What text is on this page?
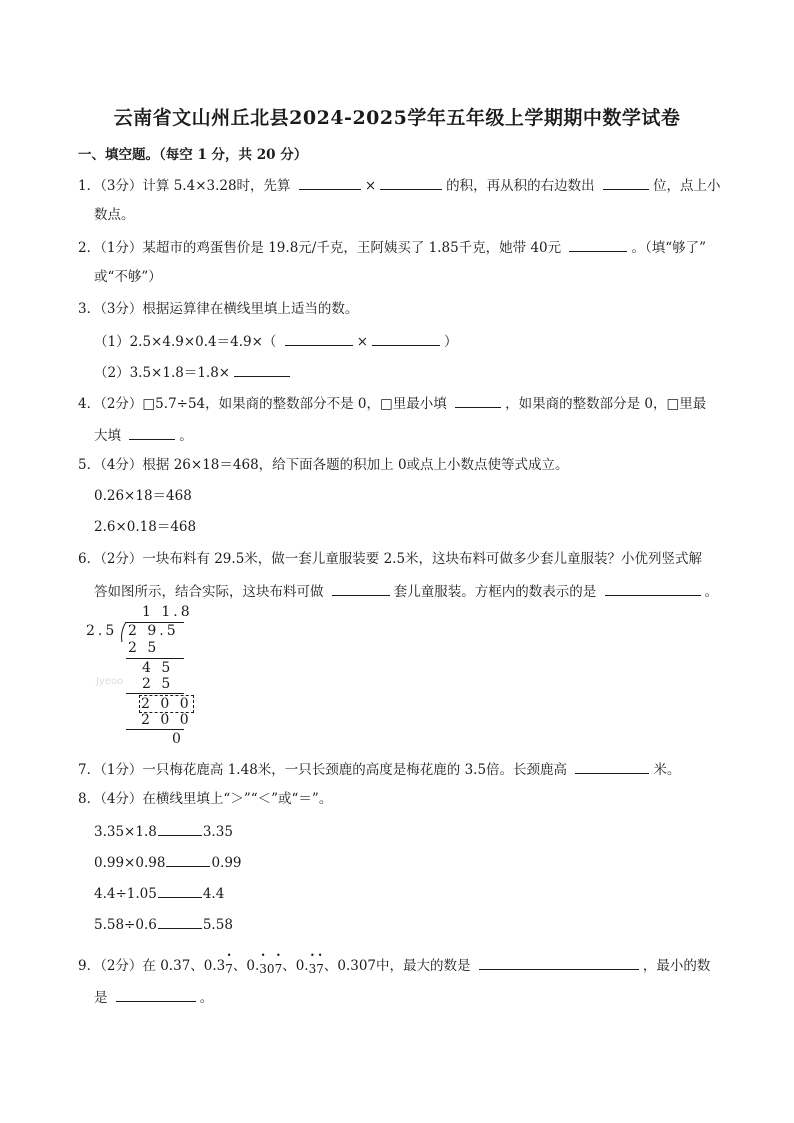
云南省文山州丘北县2024-2025学年五年级上学期期中数学试卷
一、填空题。（每空 1 分，共 20 分）
1．（3分）计算 5.4×3.28时，先算	×	的积，再从积的右边数出	位，点上小
数点。
2．（1分）某超市的鸡蛋售价是 19.8元/千克，王阿姨买了 1.85千克，她带 40元	。（填“够了”
或“不够”）
3．（3分）根据运算律在横线里填上适当的数。
（1）2.5×4.9×0.4＝4.9×（	×	）
（2）3.5×1.8＝1.8×
4．（2分）□5.7÷54，如果商的整数部分不是 0，□里最小填	，如果商的整数部分是 0，□里最
大填	。
5．（4分）根据 26×18＝468，给下面各题的积加上 0或点上小数点使等式成立。
0.26×18＝468
2.6×0.18＝468
6．（2分）一块布料有 29.5米，做一套儿童服装要 2.5米，这块布料可做多少套儿童服装？小优列竖式解
答如图所示，结合实际，这块布料可做	套儿童服装。方框内的数表示的是	。
1 1.8
2.5 2 9.5
2 5
4 5
2 5
2 0 0
2 0 0
0
Jyeoo
7．（1分）一只梅花鹿高 1.48米，一只长颈鹿的高度是梅花鹿的 3.5倍。长颈鹿高	米。
8．（4分）在横线里填上“＞”“＜”或“＝”。
3.35×1.8	3.35
0.99×0.98	0.99
4.4÷1.05	4.4
5.58÷0.6	5.58
9．（2分）在 0.37、0.3• 7、0.• 30• 7、0.• 3• 7、0.307中，最大的数是	，最小的数
是	。
